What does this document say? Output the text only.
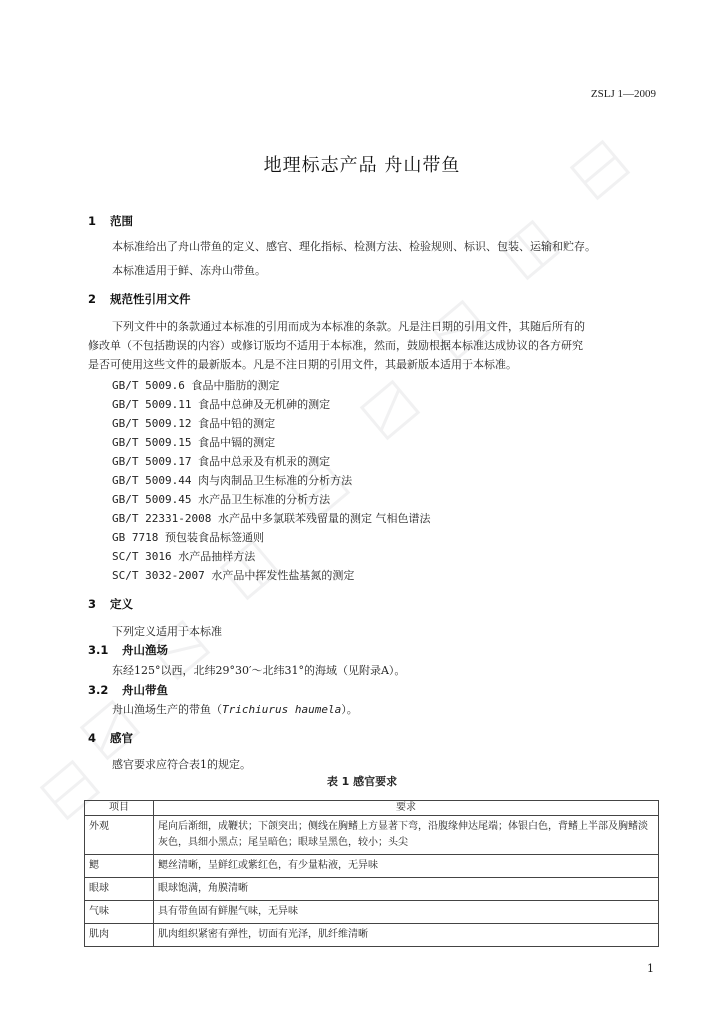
ZSLJ 1—2009
地理标志产品 舟山带鱼
1 范围
本标准给出了舟山带鱼的定义、感官、理化指标、检测方法、检验规则、标识、包装、运输和贮存。
本标准适用于鲜、冻舟山带鱼。
2 规范性引用文件
下列文件中的条款通过本标准的引用而成为本标准的条款。凡是注日期的引用文件，其随后所有的
修改单（不包括勘误的内容）或修订版均不适用于本标准，然而，鼓励根据本标准达成协议的各方研究
是否可使用这些文件的最新版本。凡是不注日期的引用文件，其最新版本适用于本标准。
GB/T 5009.6 食品中脂肪的测定
GB/T 5009.11 食品中总砷及无机砷的测定
GB/T 5009.12 食品中铅的测定
GB/T 5009.15 食品中镉的测定
GB/T 5009.17 食品中总汞及有机汞的测定
GB/T 5009.44 肉与肉制品卫生标准的分析方法
GB/T 5009.45 水产品卫生标准的分析方法
GB/T 22331-2008 水产品中多氯联苯残留量的测定 气相色谱法
GB 7718 预包装食品标签通则
SC/T 3016 水产品抽样方法
SC/T 3032-2007 水产品中挥发性盐基氮的测定
3 定义
下列定义适用于本标准
3.1 舟山渔场
东经125°以西，北纬29°30′～北纬31°的海域（见附录A）。
3.2 舟山带鱼
舟山渔场生产的带鱼（Trichiurus haumela）。
4 感官
感官要求应符合表1的规定。
表 1 感官要求
项目	要求
外观	尾向后渐细，成鞭状；下颌突出；侧线在胸鳍上方显著下弯，沿腹缘伸达尾端；体银白色，背鳍上半部及胸鳍淡灰色，具细小黑点；尾呈暗色；眼球呈黑色，较小；头尖
鳃	鳃丝清晰，呈鲜红或紫红色，有少量粘液，无异味
眼球	眼球饱满，角膜清晰
气味	具有带鱼固有鲜腥气味，无异味
肌肉	肌肉组织紧密有弹性，切面有光泽，肌纤维清晰
1
